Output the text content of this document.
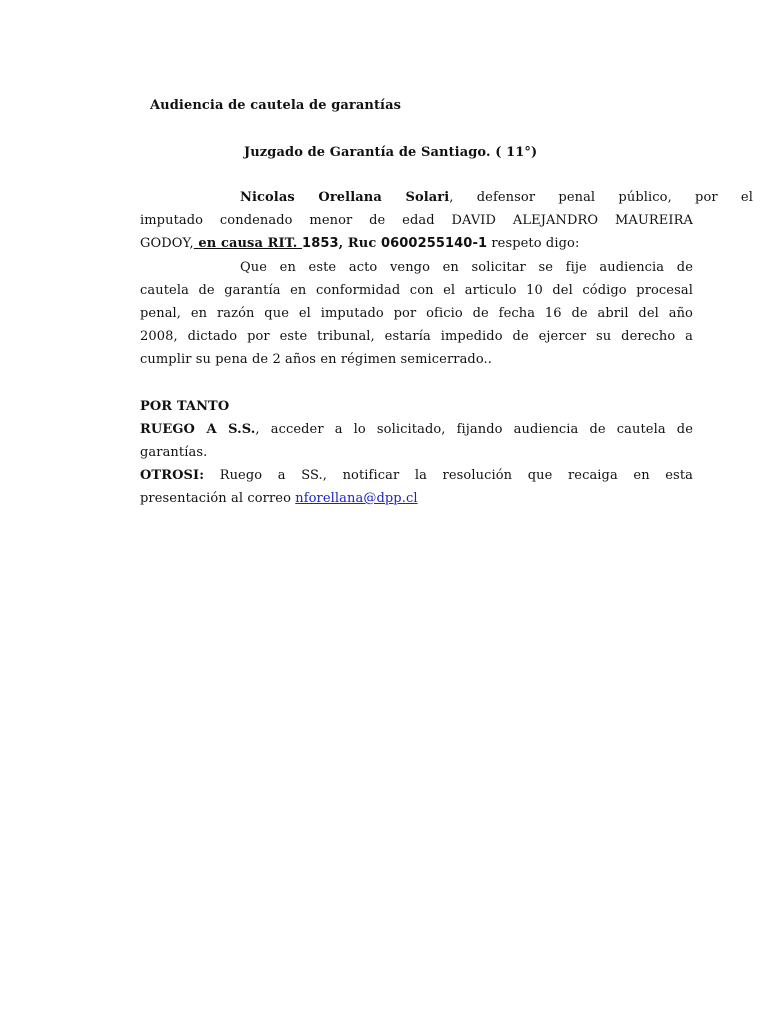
Audiencia de cautela de garantías
Juzgado de Garantía de Santiago. ( 11°)
Nicolas Orellana Solari, defensor penal público, por el
imputado condenado menor de edad DAVID ALEJANDRO MAUREIRA
GODOY, en causa RIT. 1853, Ruc 0600255140-1 respeto digo:
Que en este acto vengo en solicitar se fije audiencia de
cautela de garantía en conformidad con el articulo 10 del código procesal
penal, en razón que el imputado por oficio de fecha 16 de abril del año
2008, dictado por este tribunal, estaría impedido de ejercer su derecho a
cumplir su pena de 2 años en régimen semicerrado..
POR TANTO
RUEGO A S.S., acceder a lo solicitado, fijando audiencia de cautela de
garantías.
OTROSI: Ruego a SS., notificar la resolución que recaiga en esta
presentación al correo nforellana@dpp.cl
